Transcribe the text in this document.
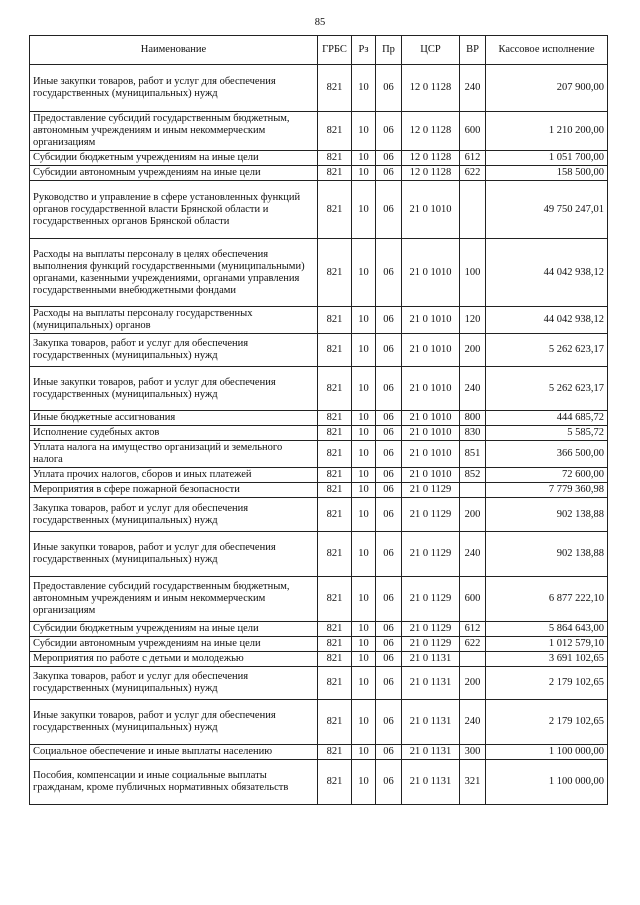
85
Наименование	ГРБС	Рз	Пр	ЦСР	ВР	Кассовое исполнение
Иные закупки товаров, работ и услуг для обеспечения государственных (муниципальных) нужд	821	10	06	12 0 1128	240	207 900,00
Предоставление субсидий государственным бюджетным, автономным учреждениям и иным некоммерческим организациям	821	10	06	12 0 1128	600	1 210 200,00
Субсидии бюджетным учреждениям на иные цели	821	10	06	12 0 1128	612	1 051 700,00
Субсидии автономным учреждениям на иные цели	821	10	06	12 0 1128	622	158 500,00
Руководство и управление в сфере установленных функций органов государственной власти Брянской области и государственных органов Брянской области	821	10	06	21 0 1010		49 750 247,01
Расходы на выплаты персоналу в целях обеспечения выполнения функций государственными (муниципальными) органами, казенными учреждениями, органами управления государственными внебюджетными фондами	821	10	06	21 0 1010	100	44 042 938,12
Расходы на выплаты персоналу государственных (муниципальных) органов	821	10	06	21 0 1010	120	44 042 938,12
Закупка товаров, работ и услуг для обеспечения государственных (муниципальных) нужд	821	10	06	21 0 1010	200	5 262 623,17
Иные закупки товаров, работ и услуг для обеспечения государственных (муниципальных) нужд	821	10	06	21 0 1010	240	5 262 623,17
Иные бюджетные ассигнования	821	10	06	21 0 1010	800	444 685,72
Исполнение судебных актов	821	10	06	21 0 1010	830	5 585,72
Уплата налога на имущество организаций и земельного налога	821	10	06	21 0 1010	851	366 500,00
Уплата прочих налогов, сборов и иных платежей	821	10	06	21 0 1010	852	72 600,00
Мероприятия в сфере пожарной безопасности	821	10	06	21 0 1129		7 779 360,98
Закупка товаров, работ и услуг для обеспечения государственных (муниципальных) нужд	821	10	06	21 0 1129	200	902 138,88
Иные закупки товаров, работ и услуг для обеспечения государственных (муниципальных) нужд	821	10	06	21 0 1129	240	902 138,88
Предоставление субсидий государственным бюджетным, автономным учреждениям и иным некоммерческим организациям	821	10	06	21 0 1129	600	6 877 222,10
Субсидии бюджетным учреждениям на иные цели	821	10	06	21 0 1129	612	5 864 643,00
Субсидии автономным учреждениям на иные цели	821	10	06	21 0 1129	622	1 012 579,10
Мероприятия по работе с детьми и молодежью	821	10	06	21 0 1131		3 691 102,65
Закупка товаров, работ и услуг для обеспечения государственных (муниципальных) нужд	821	10	06	21 0 1131	200	2 179 102,65
Иные закупки товаров, работ и услуг для обеспечения государственных (муниципальных) нужд	821	10	06	21 0 1131	240	2 179 102,65
Социальное обеспечение и иные выплаты населению	821	10	06	21 0 1131	300	1 100 000,00
Пособия, компенсации и иные социальные выплаты гражданам, кроме публичных нормативных обязательств	821	10	06	21 0 1131	321	1 100 000,00
